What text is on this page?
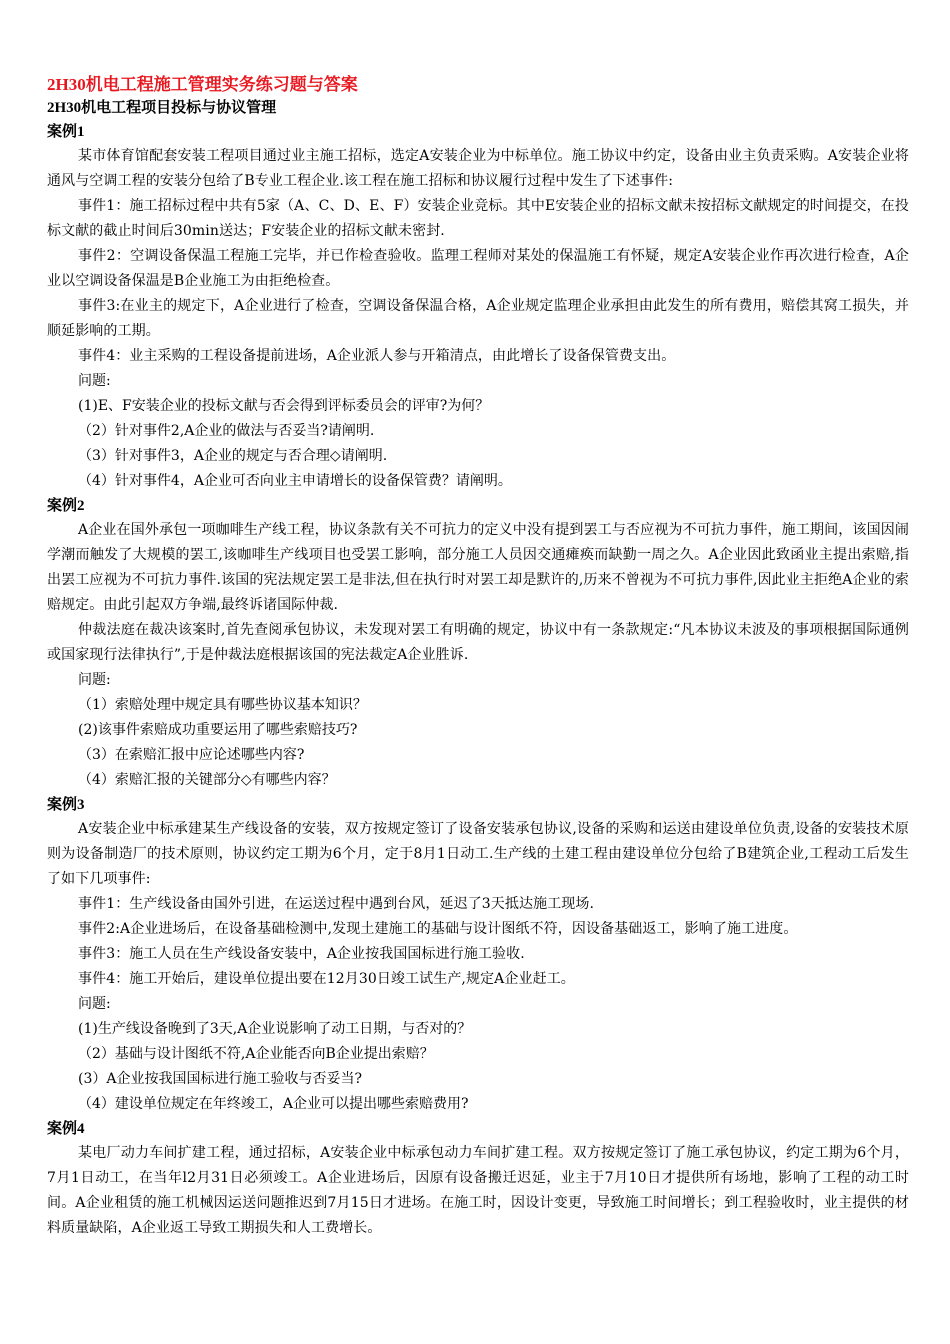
2H30机电工程施工管理实务练习题与答案

2H30机电工程项目投标与协议管理

案例1

某市体育馆配套安装工程项目通过业主施工招标，选定A安装企业为中标单位。施工协议中约定，设备由业主负责采购。A安装企业将通风与空调工程的安装分包给了B专业工程企业.该工程在施工招标和协议履行过程中发生了下述事件:

事件1：施工招标过程中共有5家（A、C、D、E、F）安装企业竞标。其中E安装企业的招标文献未按招标文献规定的时间提交，在投标文献的截止时间后30min送达；F安装企业的招标文献未密封.

事件2：空调设备保温工程施工完毕，并已作检查验收。监理工程师对某处的保温施工有怀疑，规定A安装企业作再次进行检查，A企业以空调设备保温是B企业施工为由拒绝检查。

事件3:在业主的规定下，A企业进行了检查，空调设备保温合格，A企业规定监理企业承担由此发生的所有费用，赔偿其窝工损失，并顺延影响的工期。

事件4：业主采购的工程设备提前进场，A企业派人参与开箱清点，由此增长了设备保管费支出。

问题:

(1)E、F安装企业的投标文献与否会得到评标委员会的评审?为何？

（2）针对事件2,A企业的做法与否妥当?请阐明.

（3）针对事件3，A企业的规定与否合理◇请阐明.

（4）针对事件4，A企业可否向业主申请增长的设备保管费？请阐明。

案例2

A企业在国外承包一项咖啡生产线工程，协议条款有关不可抗力的定义中没有提到罢工与否应视为不可抗力事件，施工期间，该国因闹学潮而触发了大规模的罢工,该咖啡生产线项目也受罢工影响，部分施工人员因交通瘫痪而缺勤一周之久。A企业因此致函业主提出索赔,指出罢工应视为不可抗力事件.该国的宪法规定罢工是非法,但在执行时对罢工却是默许的,历来不曾视为不可抗力事件,因此业主拒绝A企业的索赔规定。由此引起双方争端,最终诉诸国际仲裁.

仲裁法庭在裁决该案时,首先查阅承包协议，未发现对罢工有明确的规定，协议中有一条款规定:“凡本协议未波及的事项根据国际通例或国家现行法律执行”,于是仲裁法庭根据该国的宪法裁定A企业胜诉.

问题:

（1）索赔处理中规定具有哪些协议基本知识？

(2)该事件索赔成功重要运用了哪些索赔技巧?

（3）在索赔汇报中应论述哪些内容?

（4）索赔汇报的关键部分◇有哪些内容？

案例3

A安装企业中标承建某生产线设备的安装，双方按规定签订了设备安装承包协议,设备的采购和运送由建设单位负责,设备的安装技术原则为设备制造厂的技术原则，协议约定工期为6个月，定于8月1日动工.生产线的土建工程由建设单位分包给了B建筑企业,工程动工后发生了如下几项事件:

事件1：生产线设备由国外引进，在运送过程中遇到台风，延迟了3天抵达施工现场.

事件2:A企业进场后，在设备基础检测中,发现土建施工的基础与设计图纸不符，因设备基础返工，影响了施工进度。

事件3：施工人员在生产线设备安装中，A企业按我国国标进行施工验收.

事件4：施工开始后，建设单位提出要在12月30日竣工试生产,规定A企业赶工。

问题:

(1)生产线设备晚到了3天,A企业说影响了动工日期，与否对的？

（2）基础与设计图纸不符,A企业能否向B企业提出索赔？

(3）A企业按我国国标进行施工验收与否妥当?

（4）建设单位规定在年终竣工，A企业可以提出哪些索赔费用?

案例4

某电厂动力车间扩建工程，通过招标，A安装企业中标承包动力车间扩建工程。双方按规定签订了施工承包协议，约定工期为6个月，7月1日动工，在当年l2月31日必须竣工。A企业进场后，因原有设备搬迁迟延，业主于7月10日才提供所有场地，影响了工程的动工时间。A企业租赁的施工机械因运送问题推迟到7月15日才进场。在施工时，因设计变更，导致施工时间增长；到工程验收时，业主提供的材料质量缺陷，A企业返工导致工期损失和人工费增长。
